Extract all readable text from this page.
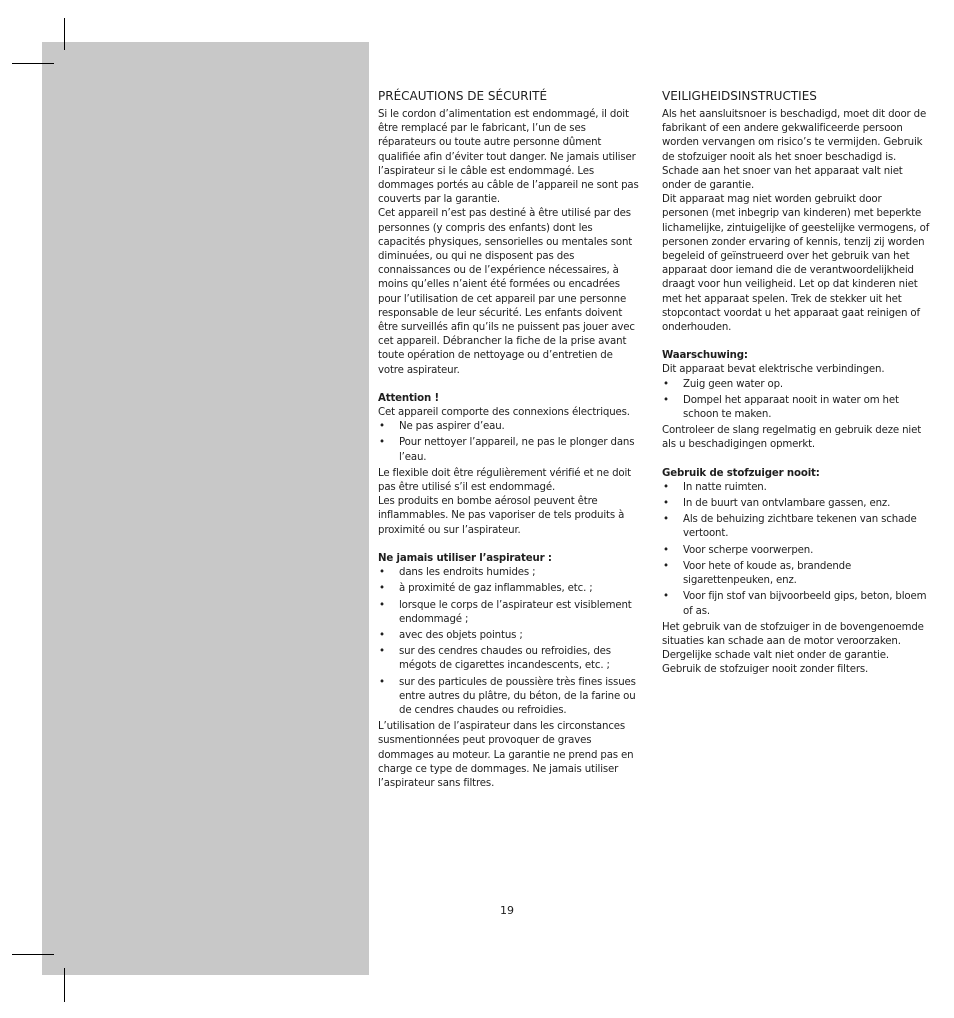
PRÉCAUTIONS DE SÉCURITÉ

Si le cordon d’alimentation est endommagé, il doit être remplacé par le fabricant, l’un de ses réparateurs ou toute autre personne dûment qualifiée afin d’éviter tout danger. Ne jamais utiliser l’aspirateur si le câble est endommagé. Les dommages portés au câble de l’appareil ne sont pas couverts par la garantie.

Cet appareil n’est pas destiné à être utilisé par des personnes (y compris des enfants) dont les capacités physiques, sensorielles ou mentales sont diminuées, ou qui ne disposent pas des connaissances ou de l’expérience nécessaires, à moins qu’elles n’aient été formées ou encadrées pour l’utilisation de cet appareil par une personne responsable de leur sécurité. Les enfants doivent être surveillés afin qu’ils ne puissent pas jouer avec cet appareil. Débrancher la fiche de la prise avant toute opération de nettoyage ou d’entretien de votre aspirateur.

Attention !

Cet appareil comporte des connexions électriques.

• Ne pas aspirer d’eau.
• Pour nettoyer l’appareil, ne pas le plonger dans l’eau.

Le flexible doit être régulièrement vérifié et ne doit pas être utilisé s’il est endommagé.

Les produits en bombe aérosol peuvent être inflammables. Ne pas vaporiser de tels produits à proximité ou sur l’aspirateur.

Ne jamais utiliser l’aspirateur :
• dans les endroits humides ;
• à proximité de gaz inflammables, etc. ;
• lorsque le corps de l’aspirateur est visiblement endommagé ;
• avec des objets pointus ;
• sur des cendres chaudes ou refroidies, des mégots de cigarettes incandescents, etc. ;
• sur des particules de poussière très fines issues entre autres du plâtre, du béton, de la farine ou de cendres chaudes ou refroidies.

L’utilisation de l’aspirateur dans les circonstances susmentionnées peut provoquer de graves dommages au moteur. La garantie ne prend pas en charge ce type de dommages. Ne jamais utiliser l’aspirateur sans filtres.

VEILIGHEIDSINSTRUCTIES

Als het aansluitsnoer is beschadigd, moet dit door de fabrikant of een andere gekwalificeerde persoon worden vervangen om risico’s te vermijden. Gebruik de stofzuiger nooit als het snoer beschadigd is. Schade aan het snoer van het apparaat valt niet onder de garantie.

Dit apparaat mag niet worden gebruikt door personen (met inbegrip van kinderen) met beperkte lichamelijke, zintuigelijke of geestelijke vermogens, of personen zonder ervaring of kennis, tenzij zij worden begeleid of geïnstrueerd over het gebruik van het apparaat door iemand die de verantwoordelijkheid draagt voor hun veiligheid. Let op dat kinderen niet met het apparaat spelen. Trek de stekker uit het stopcontact voordat u het apparaat gaat reinigen of onderhouden.

Waarschuwing:

Dit apparaat bevat elektrische verbindingen.

• Zuig geen water op.
• Dompel het apparaat nooit in water om het schoon te maken.

Controleer de slang regelmatig en gebruik deze niet als u beschadigingen opmerkt.

Gebruik de stofzuiger nooit:
• In natte ruimten.
• In de buurt van ontvlambare gassen, enz.
• Als de behuizing zichtbare tekenen van schade vertoont.
• Voor scherpe voorwerpen.
• Voor hete of koude as, brandende sigarettenpeuken, enz.
• Voor fijn stof van bijvoorbeeld gips, beton, bloem of as.

Het gebruik van de stofzuiger in de bovengenoemde situaties kan schade aan de motor veroorzaken. Dergelijke schade valt niet onder de garantie. Gebruik de stofzuiger nooit zonder filters.

19
